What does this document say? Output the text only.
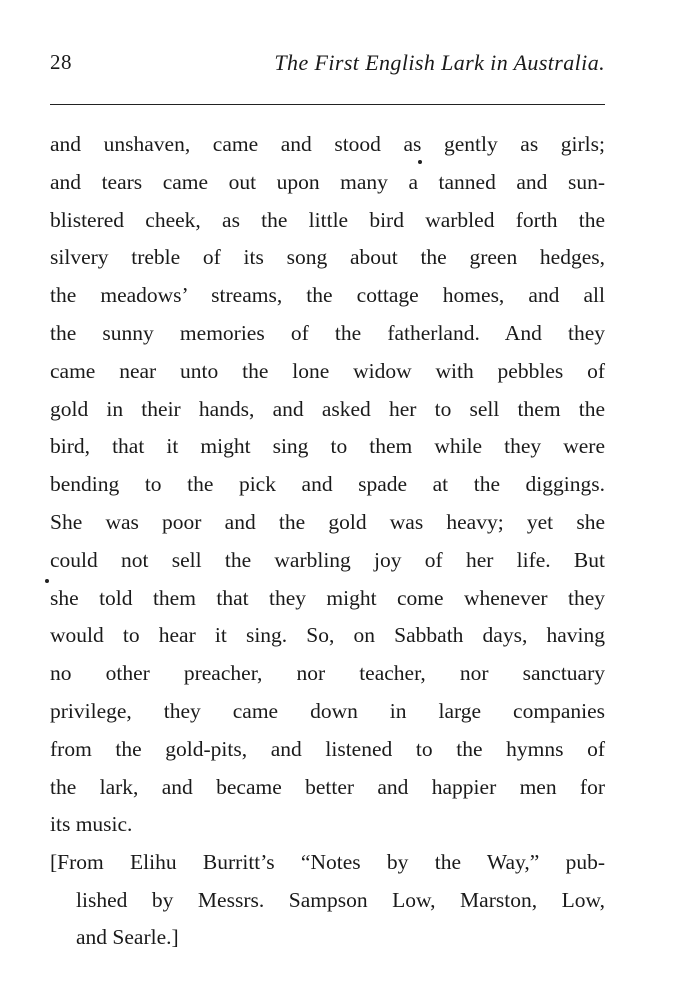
28	The First English Lark in Australia.
and unshaven, came and stood as gently as girls;
and tears came out upon many a tanned and sun-
blistered cheek, as the little bird warbled forth the
silvery treble of its song about the green hedges,
the meadows’ streams, the cottage homes, and all
the sunny memories of the fatherland. And they
came near unto the lone widow with pebbles of
gold in their hands, and asked her to sell them the
bird, that it might sing to them while they were
bending to the pick and spade at the diggings.
She was poor and the gold was heavy; yet she
could not sell the warbling joy of her life. But
she told them that they might come whenever they
would to hear it sing. So, on Sabbath days, having
no other preacher, nor teacher, nor sanctuary
privilege, they came down in large companies
from the gold-pits, and listened to the hymns of
the lark, and became better and happier men for
its music.
[From Elihu Burritt’s “Notes by the Way,” pub-
lished by Messrs. Sampson Low, Marston, Low,
and Searle.]
